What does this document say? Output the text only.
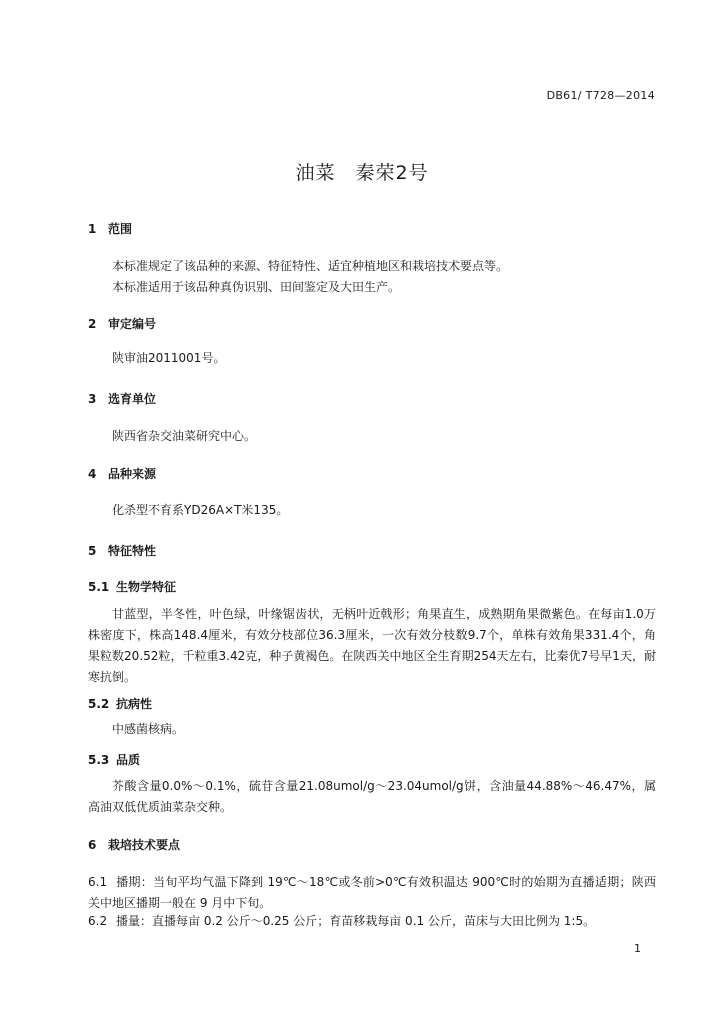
DB61/ T728—2014
油菜　秦荣2号
1 范围

本标准规定了该品种的来源、特征特性、适宜种植地区和栽培技术要点等。

本标准适用于该品种真伪识别、田间鉴定及大田生产。

2 审定编号

陕审油2011001号。

3 选育单位

陕西省杂交油菜研究中心。

4 品种来源

化杀型不育系YD26A×T米135。

5 特征特性
5.1 生物学特征

甘蓝型，半冬性，叶色绿，叶缘锯齿状，无柄叶近戟形；角果直生，成熟期角果微紫色。在每亩1.0万株密度下，株高148.4厘米，有效分枝部位36.3厘米，一次有效分枝数9.7个，单株有效角果331.4个，角果粒数20.52粒，千粒重3.42克，种子黄褐色。在陕西关中地区全生育期254天左右，比秦优7号早1天，耐寒抗倒。

5.2 抗病性

中感菌核病。

5.3 品质

芥酸含量0.0%～0.1%，硫苷含量21.08umol/g～23.04umol/g饼，含油量44.88%～46.47%，属高油双低优质油菜杂交种。

6 栽培技术要点

6.1 播期：当旬平均气温下降到 19℃～18℃或冬前>0℃有效积温达 900℃时的始期为直播适期；陕西关中地区播期一般在 9 月中下旬。

6.2 播量：直播每亩 0.2 公斤～0.25 公斤；育苗移栽每亩 0.1 公斤，苗床与大田比例为 1:5。

1
